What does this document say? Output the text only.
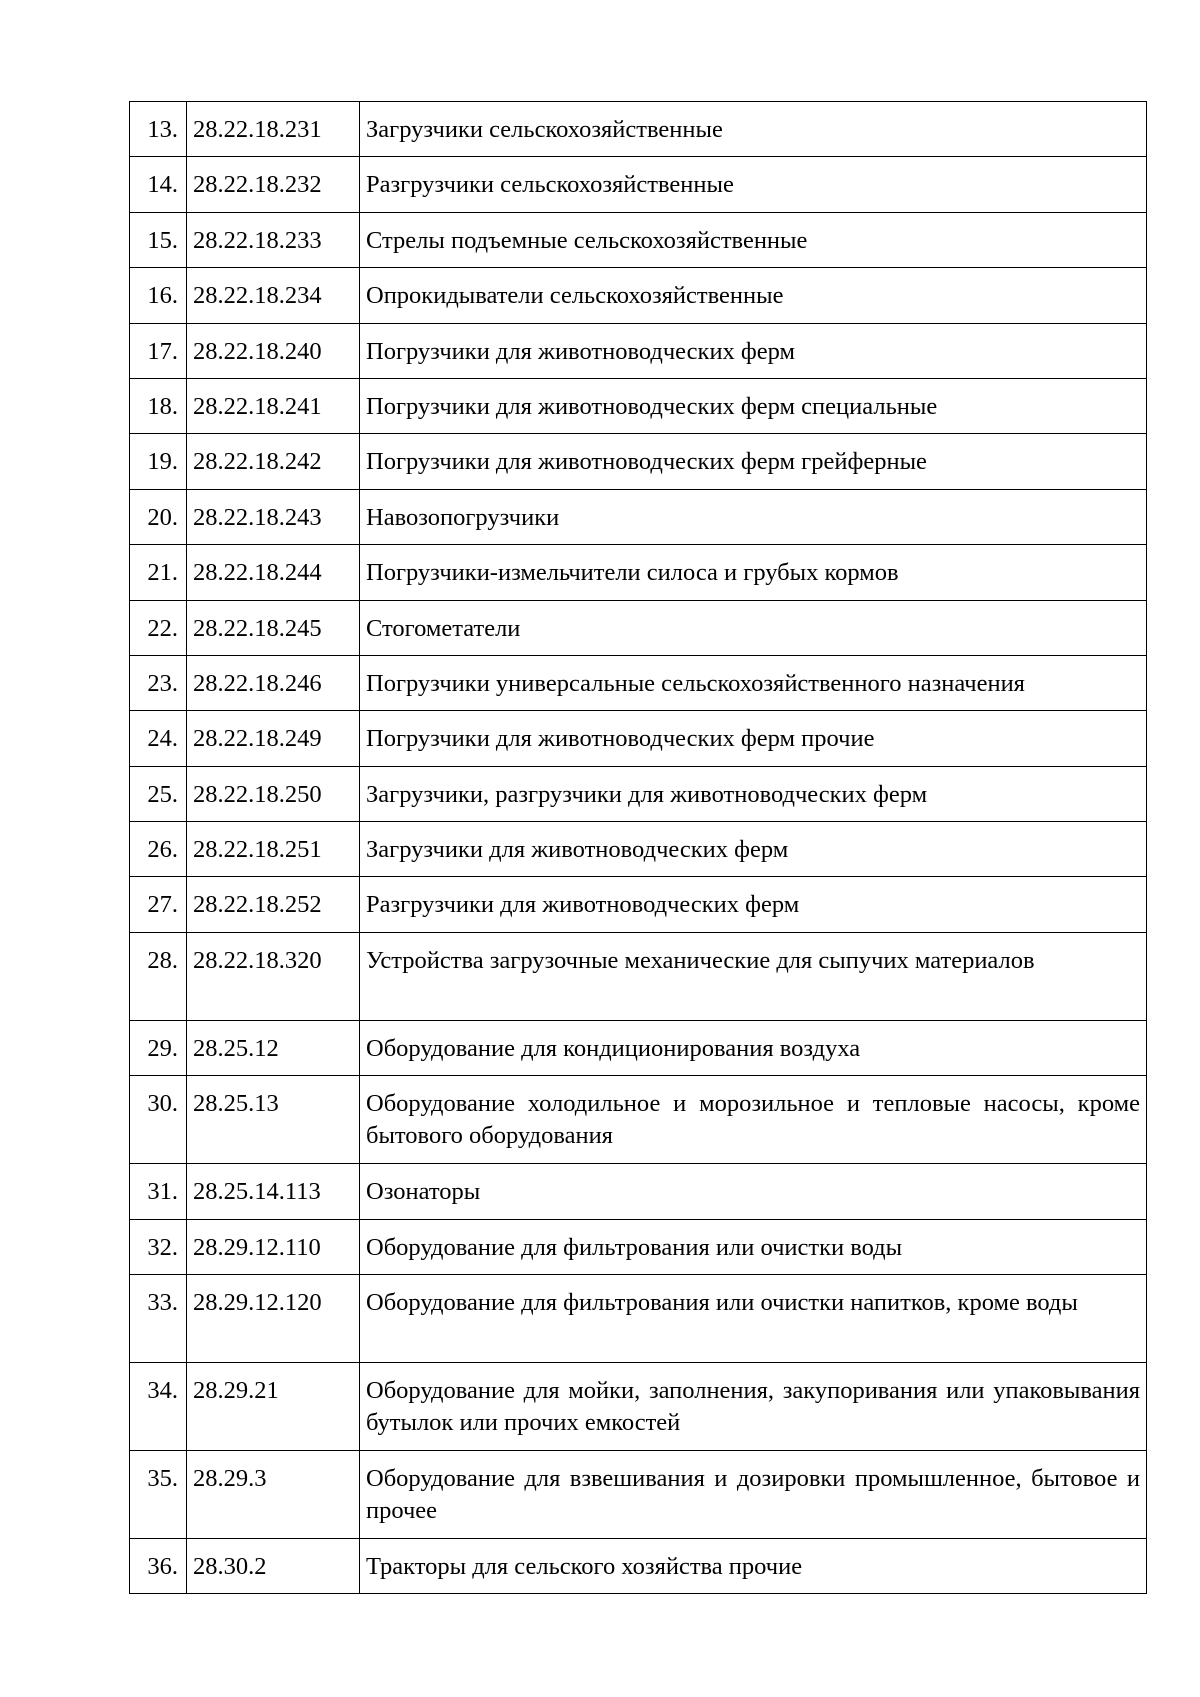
13.	28.22.18.231	Загрузчики сельскохозяйственные
14.	28.22.18.232	Разгрузчики сельскохозяйственные
15.	28.22.18.233	Стрелы подъемные сельскохозяйственные
16.	28.22.18.234	Опрокидыватели сельскохозяйственные
17.	28.22.18.240	Погрузчики для животноводческих ферм
18.	28.22.18.241	Погрузчики для животноводческих ферм специальные
19.	28.22.18.242	Погрузчики для животноводческих ферм грейферные
20.	28.22.18.243	Навозопогрузчики
21.	28.22.18.244	Погрузчики-измельчители силоса и грубых кормов
22.	28.22.18.245	Стогометатели
23.	28.22.18.246	Погрузчики универсальные сельскохозяйственного назначения
24.	28.22.18.249	Погрузчики для животноводческих ферм прочие
25.	28.22.18.250	Загрузчики, разгрузчики для животноводческих ферм
26.	28.22.18.251	Загрузчики для животноводческих ферм
27.	28.22.18.252	Разгрузчики для животноводческих ферм
28.	28.22.18.320	Устройства загрузочные механические для сыпучих материалов
29.	28.25.12	Оборудование для кондиционирования воздуха
30.	28.25.13	Оборудование холодильное и морозильное и тепловые насосы, кроме бытового оборудования
31.	28.25.14.113	Озонаторы
32.	28.29.12.110	Оборудование для фильтрования или очистки воды
33.	28.29.12.120	Оборудование для фильтрования или очистки напитков, кроме воды
34.	28.29.21	Оборудование для мойки, заполнения, закупоривания или упаковывания бутылок или прочих емкостей
35.	28.29.3	Оборудование для взвешивания и дозировки промышленное, бытовое и прочее
36.	28.30.2	Тракторы для сельского хозяйства прочие
